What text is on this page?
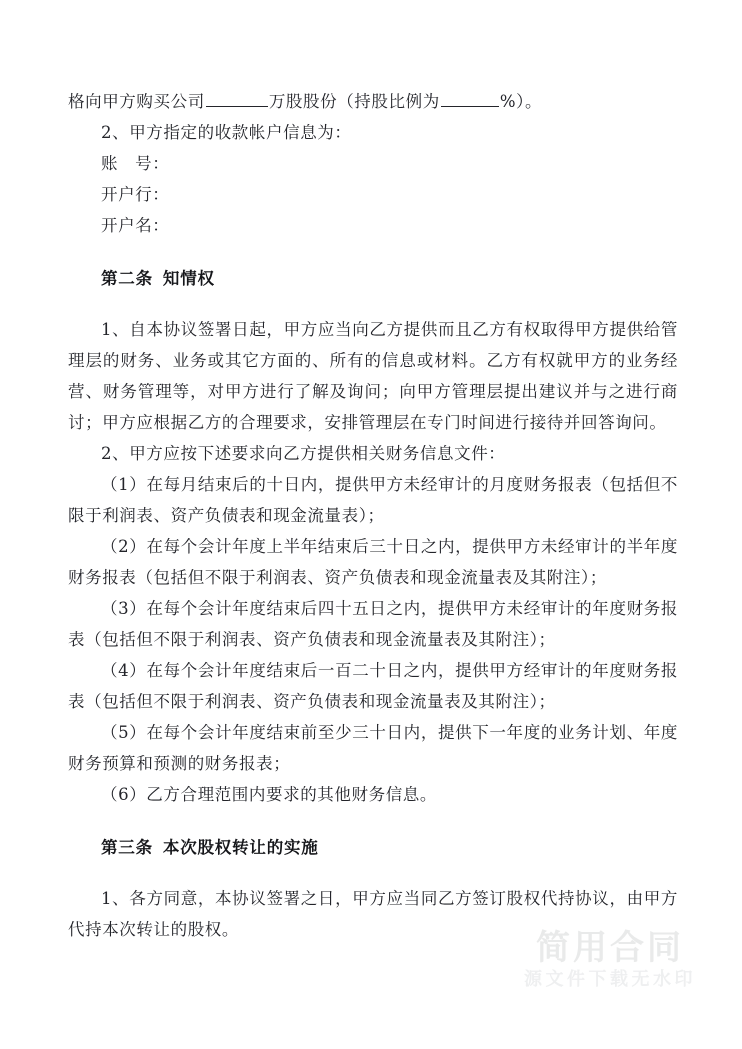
格向甲方购买公司	万股股份（持股比例为	%）。

2、甲方指定的收款帐户信息为：

账 号：

开户行：

开户名：

第二条 知情权

1、自本协议签署日起，甲方应当向乙方提供而且乙方有权取得甲方提供给管理层的财务、业务或其它方面的、所有的信息或材料。乙方有权就甲方的业务经营、财务管理等，对甲方进行了解及询问；向甲方管理层提出建议并与之进行商讨；甲方应根据乙方的合理要求，安排管理层在专门时间进行接待并回答询问。

2、甲方应按下述要求向乙方提供相关财务信息文件：

（1）在每月结束后的十日内，提供甲方未经审计的月度财务报表（包括但不限于利润表、资产负债表和现金流量表）；

（2）在每个会计年度上半年结束后三十日之内，提供甲方未经审计的半年度财务报表（包括但不限于利润表、资产负债表和现金流量表及其附注）；

（3）在每个会计年度结束后四十五日之内，提供甲方未经审计的年度财务报表（包括但不限于利润表、资产负债表和现金流量表及其附注）；

（4）在每个会计年度结束后一百二十日之内，提供甲方经审计的年度财务报表（包括但不限于利润表、资产负债表和现金流量表及其附注）；

（5）在每个会计年度结束前至少三十日内，提供下一年度的业务计划、年度财务预算和预测的财务报表；

（6）乙方合理范围内要求的其他财务信息。

第三条 本次股权转让的实施

1、各方同意，本协议签署之日，甲方应当同乙方签订股权代持协议，由甲方代持本次转让的股权。	简用合同
源文件下载无水印
